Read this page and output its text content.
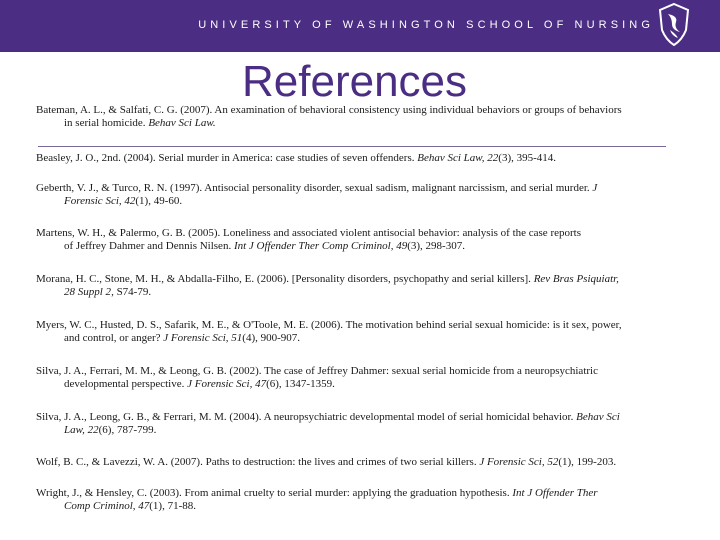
UNIVERSITY OF WASHINGTON SCHOOL OF NURSING
References
Bateman, A. L., & Salfati, C. G. (2007). An examination of behavioral consistency using individual behaviors or groups of behaviors
in serial homicide. Behav Sci Law.
Beasley, J. O., 2nd. (2004). Serial murder in America: case studies of seven offenders. Behav Sci Law, 22(3), 395-414.
Geberth, V. J., & Turco, R. N. (1997). Antisocial personality disorder, sexual sadism, malignant narcissism, and serial murder. J
Forensic Sci, 42(1), 49-60.
Martens, W. H., & Palermo, G. B. (2005). Loneliness and associated violent antisocial behavior: analysis of the case reports
of Jeffrey Dahmer and Dennis Nilsen. Int J Offender Ther Comp Criminol, 49(3), 298-307.
Morana, H. C., Stone, M. H., & Abdalla-Filho, E. (2006). [Personality disorders, psychopathy and serial killers]. Rev Bras Psiquiatr,
28 Suppl 2, S74-79.
Myers, W. C., Husted, D. S., Safarik, M. E., & O'Toole, M. E. (2006). The motivation behind serial sexual homicide: is it sex, power,
and control, or anger? J Forensic Sci, 51(4), 900-907.
Silva, J. A., Ferrari, M. M., & Leong, G. B. (2002). The case of Jeffrey Dahmer: sexual serial homicide from a neuropsychiatric
developmental perspective. J Forensic Sci, 47(6), 1347-1359.
Silva, J. A., Leong, G. B., & Ferrari, M. M. (2004). A neuropsychiatric developmental model of serial homicidal behavior. Behav Sci
Law, 22(6), 787-799.
Wolf, B. C., & Lavezzi, W. A. (2007). Paths to destruction: the lives and crimes of two serial killers. J Forensic Sci, 52(1), 199-203.
Wright, J., & Hensley, C. (2003). From animal cruelty to serial murder: applying the graduation hypothesis. Int J Offender Ther
Comp Criminol, 47(1), 71-88.
